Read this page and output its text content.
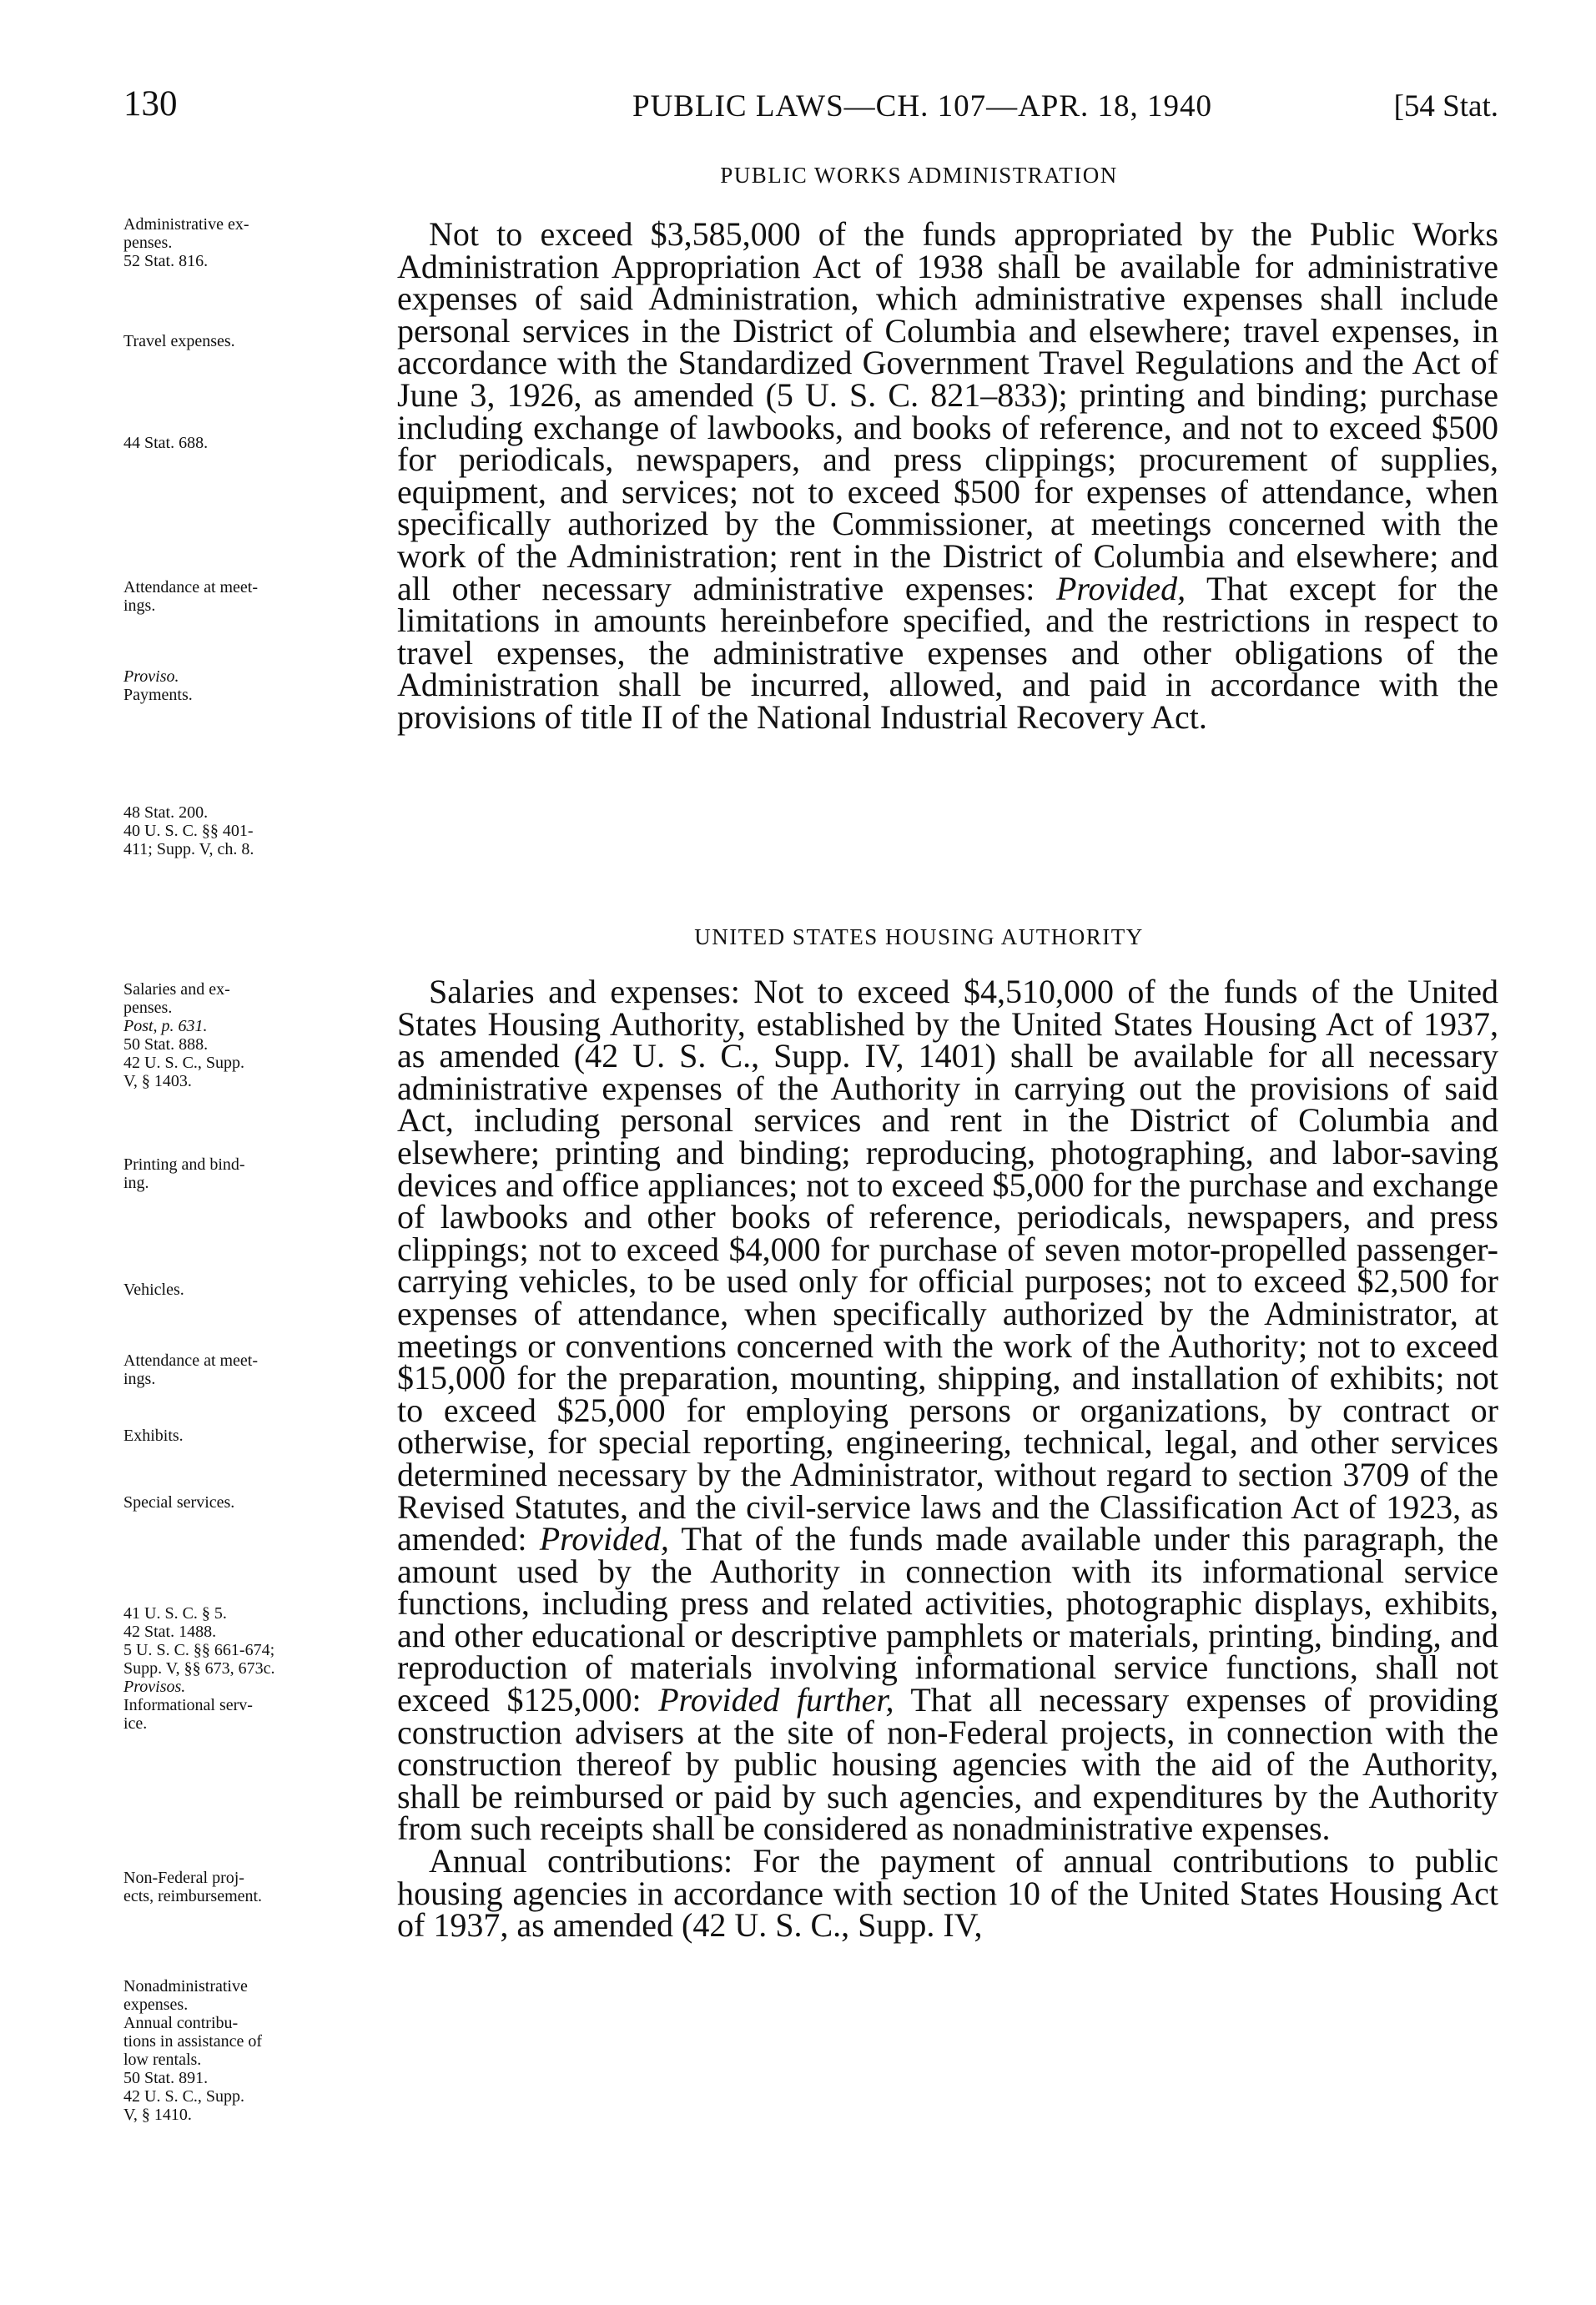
130	PUBLIC LAWS—CH. 107—APR. 18, 1940	[54 Stat.
PUBLIC WORKS ADMINISTRATION

Not to exceed $3,585,000 of the funds appropriated by the Public Works Administration Appropriation Act of 1938 shall be available for administrative expenses of said Administration, which administrative expenses shall include personal services in the District of Columbia and elsewhere; travel expenses, in accordance with the Standardized Government Travel Regulations and the Act of June 3, 1926, as amended (5 U. S. C. 821–833); printing and binding; purchase including exchange of lawbooks, and books of reference, and not to exceed $500 for periodicals, newspapers, and press clippings; procurement of supplies, equipment, and services; not to exceed $500 for expenses of attendance, when specifically authorized by the Commissioner, at meetings concerned with the work of the Administration; rent in the District of Columbia and elsewhere; and all other necessary administrative expenses: Provided, That except for the limitations in amounts hereinbefore specified, and the restrictions in respect to travel expenses, the administrative expenses and other obligations of the Administration shall be incurred, allowed, and paid in accordance with the provisions of title II of the National Industrial Recovery Act.

UNITED STATES HOUSING AUTHORITY

Salaries and expenses: Not to exceed $4,510,000 of the funds of the United States Housing Authority, established by the United States Housing Act of 1937, as amended (42 U. S. C., Supp. IV, 1401) shall be available for all necessary administrative expenses of the Authority in carrying out the provisions of said Act, including personal services and rent in the District of Columbia and elsewhere; printing and binding; reproducing, photographing, and labor-saving devices and office appliances; not to exceed $5,000 for the purchase and exchange of lawbooks and other books of reference, periodicals, newspapers, and press clippings; not to exceed $4,000 for purchase of seven motor-propelled passenger-carrying vehicles, to be used only for official purposes; not to exceed $2,500 for expenses of attendance, when specifically authorized by the Administrator, at meetings or conventions concerned with the work of the Authority; not to exceed $15,000 for the preparation, mounting, shipping, and installation of exhibits; not to exceed $25,000 for employing persons or organizations, by contract or otherwise, for special reporting, engineering, technical, legal, and other services determined necessary by the Administrator, without regard to section 3709 of the Revised Statutes, and the civil-service laws and the Classification Act of 1923, as amended: Provided, That of the funds made available under this paragraph, the amount used by the Authority in connection with its informational service functions, including press and related activities, photographic displays, exhibits, and other educational or descriptive pamphlets or materials, printing, binding, and reproduction of materials involving informational service functions, shall not exceed $125,000: Provided further, That all necessary expenses of providing construction advisers at the site of non-Federal projects, in connection with the construction thereof by public housing agencies with the aid of the Authority, shall be reimbursed or paid by such agencies, and expenditures by the Authority from such receipts shall be considered as nonadministrative expenses.

Annual contributions: For the payment of annual contributions to public housing agencies in accordance with section 10 of the United States Housing Act of 1937, as amended (42 U. S. C., Supp. IV,

Administrative ex-
penses.
52 Stat. 816.
Travel expenses.
44 Stat. 688.
Attendance at meet-
ings.
Proviso.
Payments.
48 Stat. 200.
40 U. S. C. §§ 401-
411; Supp. V, ch. 8.
Salaries and ex-
penses.
Post, p. 631.
50 Stat. 888.
42 U. S. C., Supp.
V, § 1403.
Printing and bind-
ing.
Vehicles.
Attendance at meet-
ings.
Exhibits.
Special services.
41 U. S. C. § 5.
42 Stat. 1488.
5 U. S. C. §§ 661-674;
Supp. V, §§ 673, 673c.
Provisos.
Informational serv-
ice.
Non-Federal proj-
ects, reimbursement.
Nonadministrative
expenses.
Annual contribu-
tions in assistance of
low rentals.
50 Stat. 891.
42 U. S. C., Supp.
V, § 1410.
